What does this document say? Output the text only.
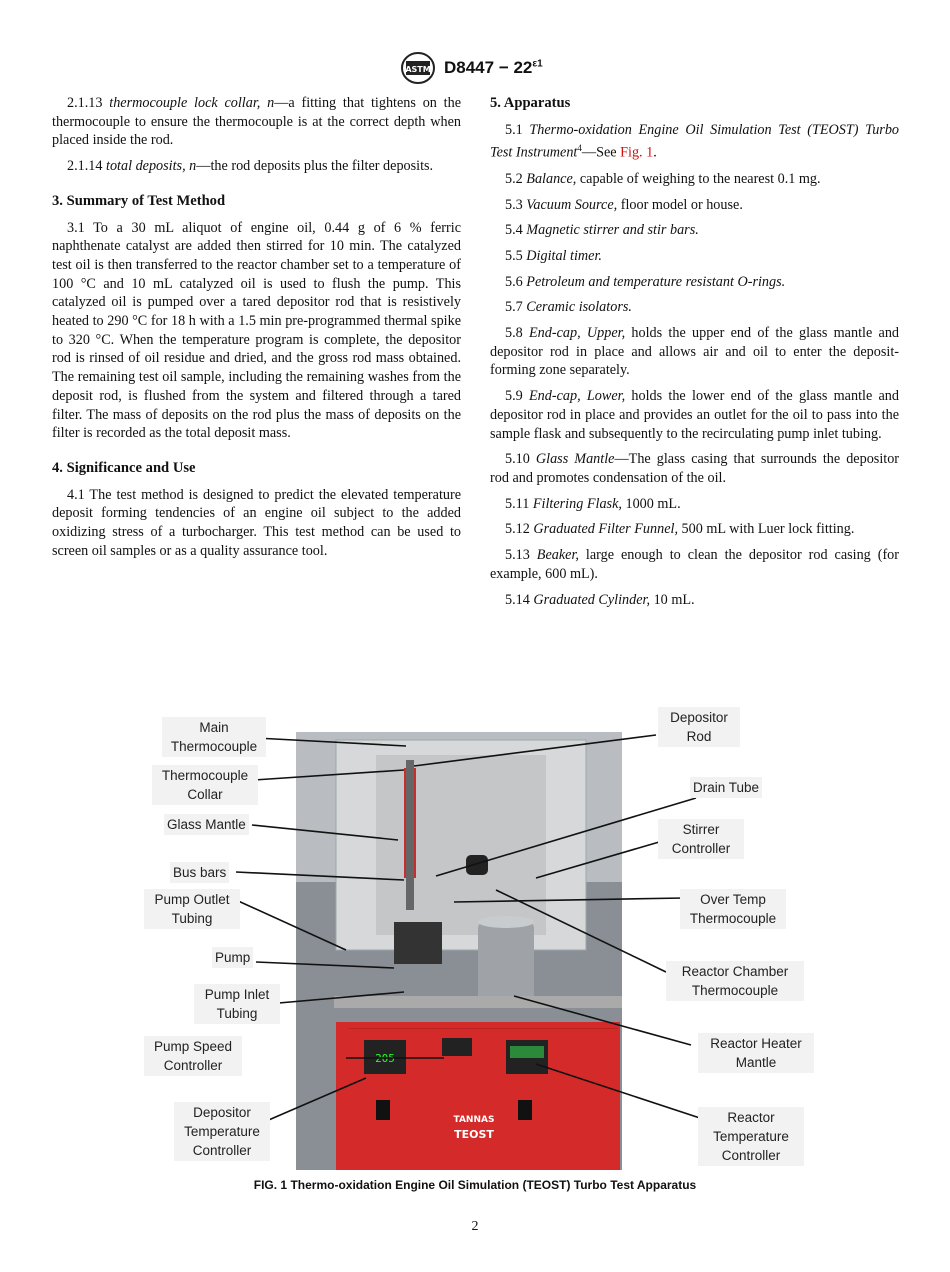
ASTM $D8447 - 22^{\varepsilon 1}$

2.1.13 thermocouple lock collar, n—a fitting that tightens on the thermocouple to ensure the thermocouple is at the correct depth when placed inside the rod.

2.1.14 total deposits, n—the rod deposits plus the filter deposits.

3. Summary of Test Method

3.1 To a 30 mL aliquot of engine oil, 0.44 g of 6 % ferric naphthenate catalyst are added then stirred for 10 min. The catalyzed test oil is then transferred to the reactor chamber set to a temperature of 100 °C and 10 mL catalyzed oil is used to flush the pump. This catalyzed oil is pumped over a tared depositor rod that is resistively heated to 290 °C for 18 h with a 1.5 min pre-programmed thermal spike to 320 °C. When the temperature program is complete, the depositor rod is rinsed of oil residue and dried, and the gross rod mass obtained. The remaining test oil sample, including the remaining washes from the deposit rod, is flushed from the system and filtered through a tared filter. The mass of deposits on the rod plus the mass of deposits on the filter is recorded as the total deposit mass.

4. Significance and Use

4.1 The test method is designed to predict the elevated temperature deposit forming tendencies of an engine oil subject to the added oxidizing stress of a turbocharger. This test method can be used to screen oil samples or as a quality assurance tool.

5. Apparatus

5.1 Thermo-oxidation Engine Oil Simulation Test (TEOST) Turbo Test Instrument$^4$—See Fig. 1.

5.2 Balance, capable of weighing to the nearest 0.1 mg.

5.3 Vacuum Source, floor model or house.

5.4 Magnetic stirrer and stir bars.

5.5 Digital timer.

5.6 Petroleum and temperature resistant O-rings.

5.7 Ceramic isolators.

5.8 End-cap, Upper, holds the upper end of the glass mantle and depositor rod in place and allows air and oil to enter the deposit-forming zone separately.

5.9 End-cap, Lower, holds the lower end of the glass mantle and depositor rod in place and provides an outlet for the oil to pass into the sample flask and subsequently to the recirculating pump inlet tubing.

5.10 Glass Mantle—The glass casing that surrounds the depositor rod and promotes condensation of the oil.

5.11 Filtering Flask, 1000 mL.

5.12 Graduated Filter Funnel, 500 mL with Luer lock fitting.

5.13 Beaker, large enough to clean the depositor rod casing (for example, 600 mL).

5.14 Graduated Cylinder, 10 mL.

205
TANNAS
TEOST
Main Thermocouple
Thermocouple Collar
Glass Mantle
Bus bars
Pump Outlet Tubing
Pump
Pump Inlet Tubing
Pump Speed Controller
Depositor Temperature Controller
Depositor Rod
Drain Tube
Stirrer Controller
Over Temp Thermocouple
Reactor Chamber Thermocouple
Reactor Heater Mantle
Reactor Temperature Controller
FIG. 1 Thermo-oxidation Engine Oil Simulation (TEOST) Turbo Test Apparatus
2
